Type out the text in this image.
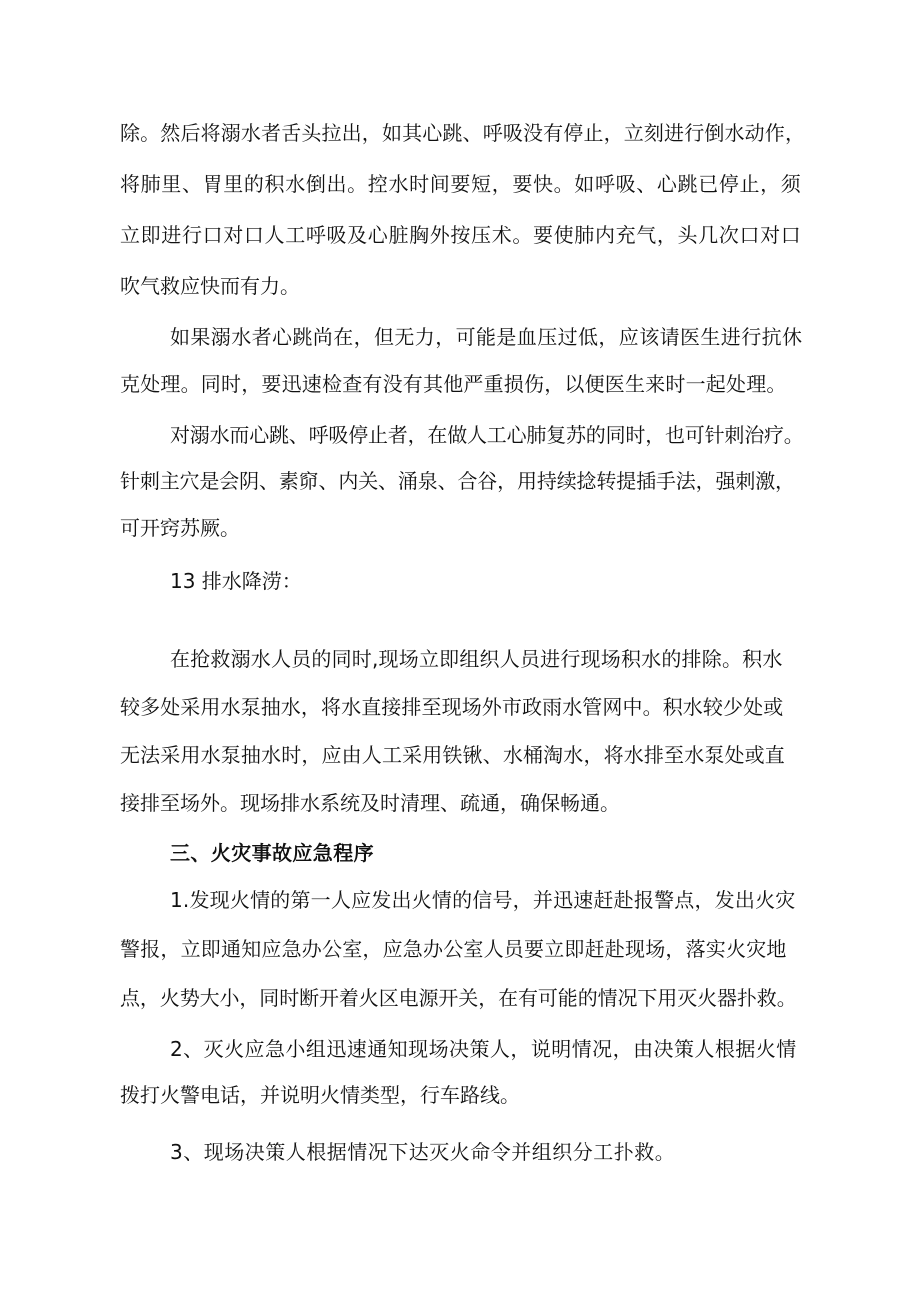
除。然后将溺水者舌头拉出，如其心跳、呼吸没有停止，立刻进行倒水动作，
将肺里、胃里的积水倒出。控水时间要短，要快。如呼吸、心跳已停止，须
立即进行口对口人工呼吸及心脏胸外按压术。要使肺内充气，头几次口对口
吹气救应快而有力。
如果溺水者心跳尚在，但无力，可能是血压过低，应该请医生进行抗休
克处理。同时，要迅速检查有没有其他严重损伤，以便医生来时一起处理。
对溺水而心跳、呼吸停止者，在做人工心肺复苏的同时，也可针刺治疗。
针刺主穴是会阴、素窌、内关、涌泉、合谷，用持续捻转提插手法，强刺激，
可开窍苏厥。
13 排水降涝：
在抢救溺水人员的同时,现场立即组织人员进行现场积水的排除。积水
较多处采用水泵抽水，将水直接排至现场外市政雨水管网中。积水较少处或
无法采用水泵抽水时，应由人工采用铁锹、水桶淘水，将水排至水泵处或直
接排至场外。现场排水系统及时清理、疏通，确保畅通。
三、火灾事故应急程序
1.发现火情的第一人应发出火情的信号，并迅速赶赴报警点，发出火灾
警报，立即通知应急办公室，应急办公室人员要立即赶赴现场，落实火灾地
点，火势大小，同时断开着火区电源开关，在有可能的情况下用灭火器扑救。
2、灭火应急小组迅速通知现场决策人，说明情况，由决策人根据火情
拨打火警电话，并说明火情类型，行车路线。
3、现场决策人根据情况下达灭火命令并组织分工扑救。
